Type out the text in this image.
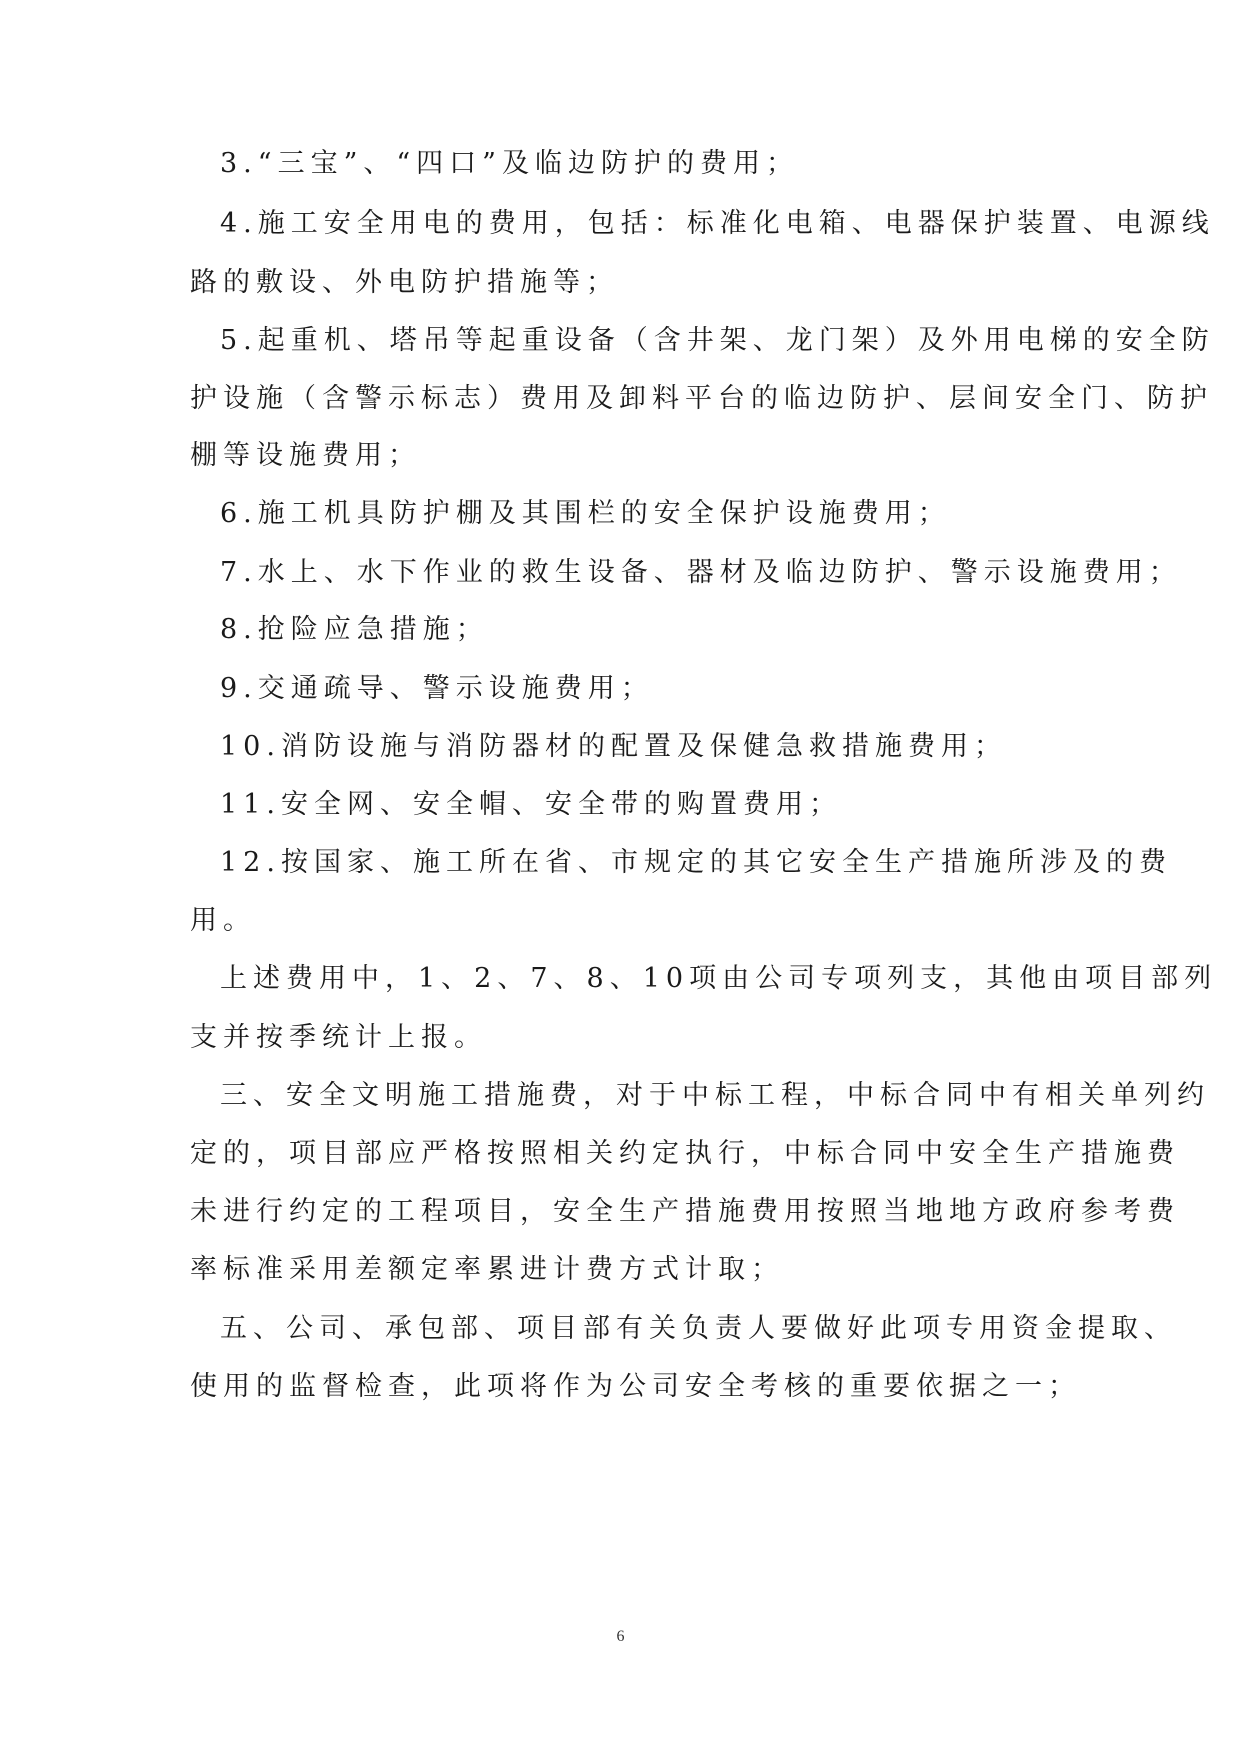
3.“三宝”、“四口”及临边防护的费用；
4.施工安全用电的费用，包括：标准化电箱、电器保护装置、电源线
路的敷设、外电防护措施等；
5.起重机、塔吊等起重设备（含井架、龙门架）及外用电梯的安全防
护设施（含警示标志）费用及卸料平台的临边防护、层间安全门、防护
棚等设施费用；
6.施工机具防护棚及其围栏的安全保护设施费用；
7.水上、水下作业的救生设备、器材及临边防护、警示设施费用；
8.抢险应急措施；
9.交通疏导、警示设施费用；
10.消防设施与消防器材的配置及保健急救措施费用；
11.安全网、安全帽、安全带的购置费用；
12.按国家、施工所在省、市规定的其它安全生产措施所涉及的费
用。
上述费用中，1、2、7、8、10项由公司专项列支，其他由项目部列
支并按季统计上报。
三、安全文明施工措施费，对于中标工程，中标合同中有相关单列约
定的，项目部应严格按照相关约定执行，中标合同中安全生产措施费
未进行约定的工程项目，安全生产措施费用按照当地地方政府参考费
率标准采用差额定率累进计费方式计取；
五、公司、承包部、项目部有关负责人要做好此项专用资金提取、
使用的监督检查，此项将作为公司安全考核的重要依据之一；
6
